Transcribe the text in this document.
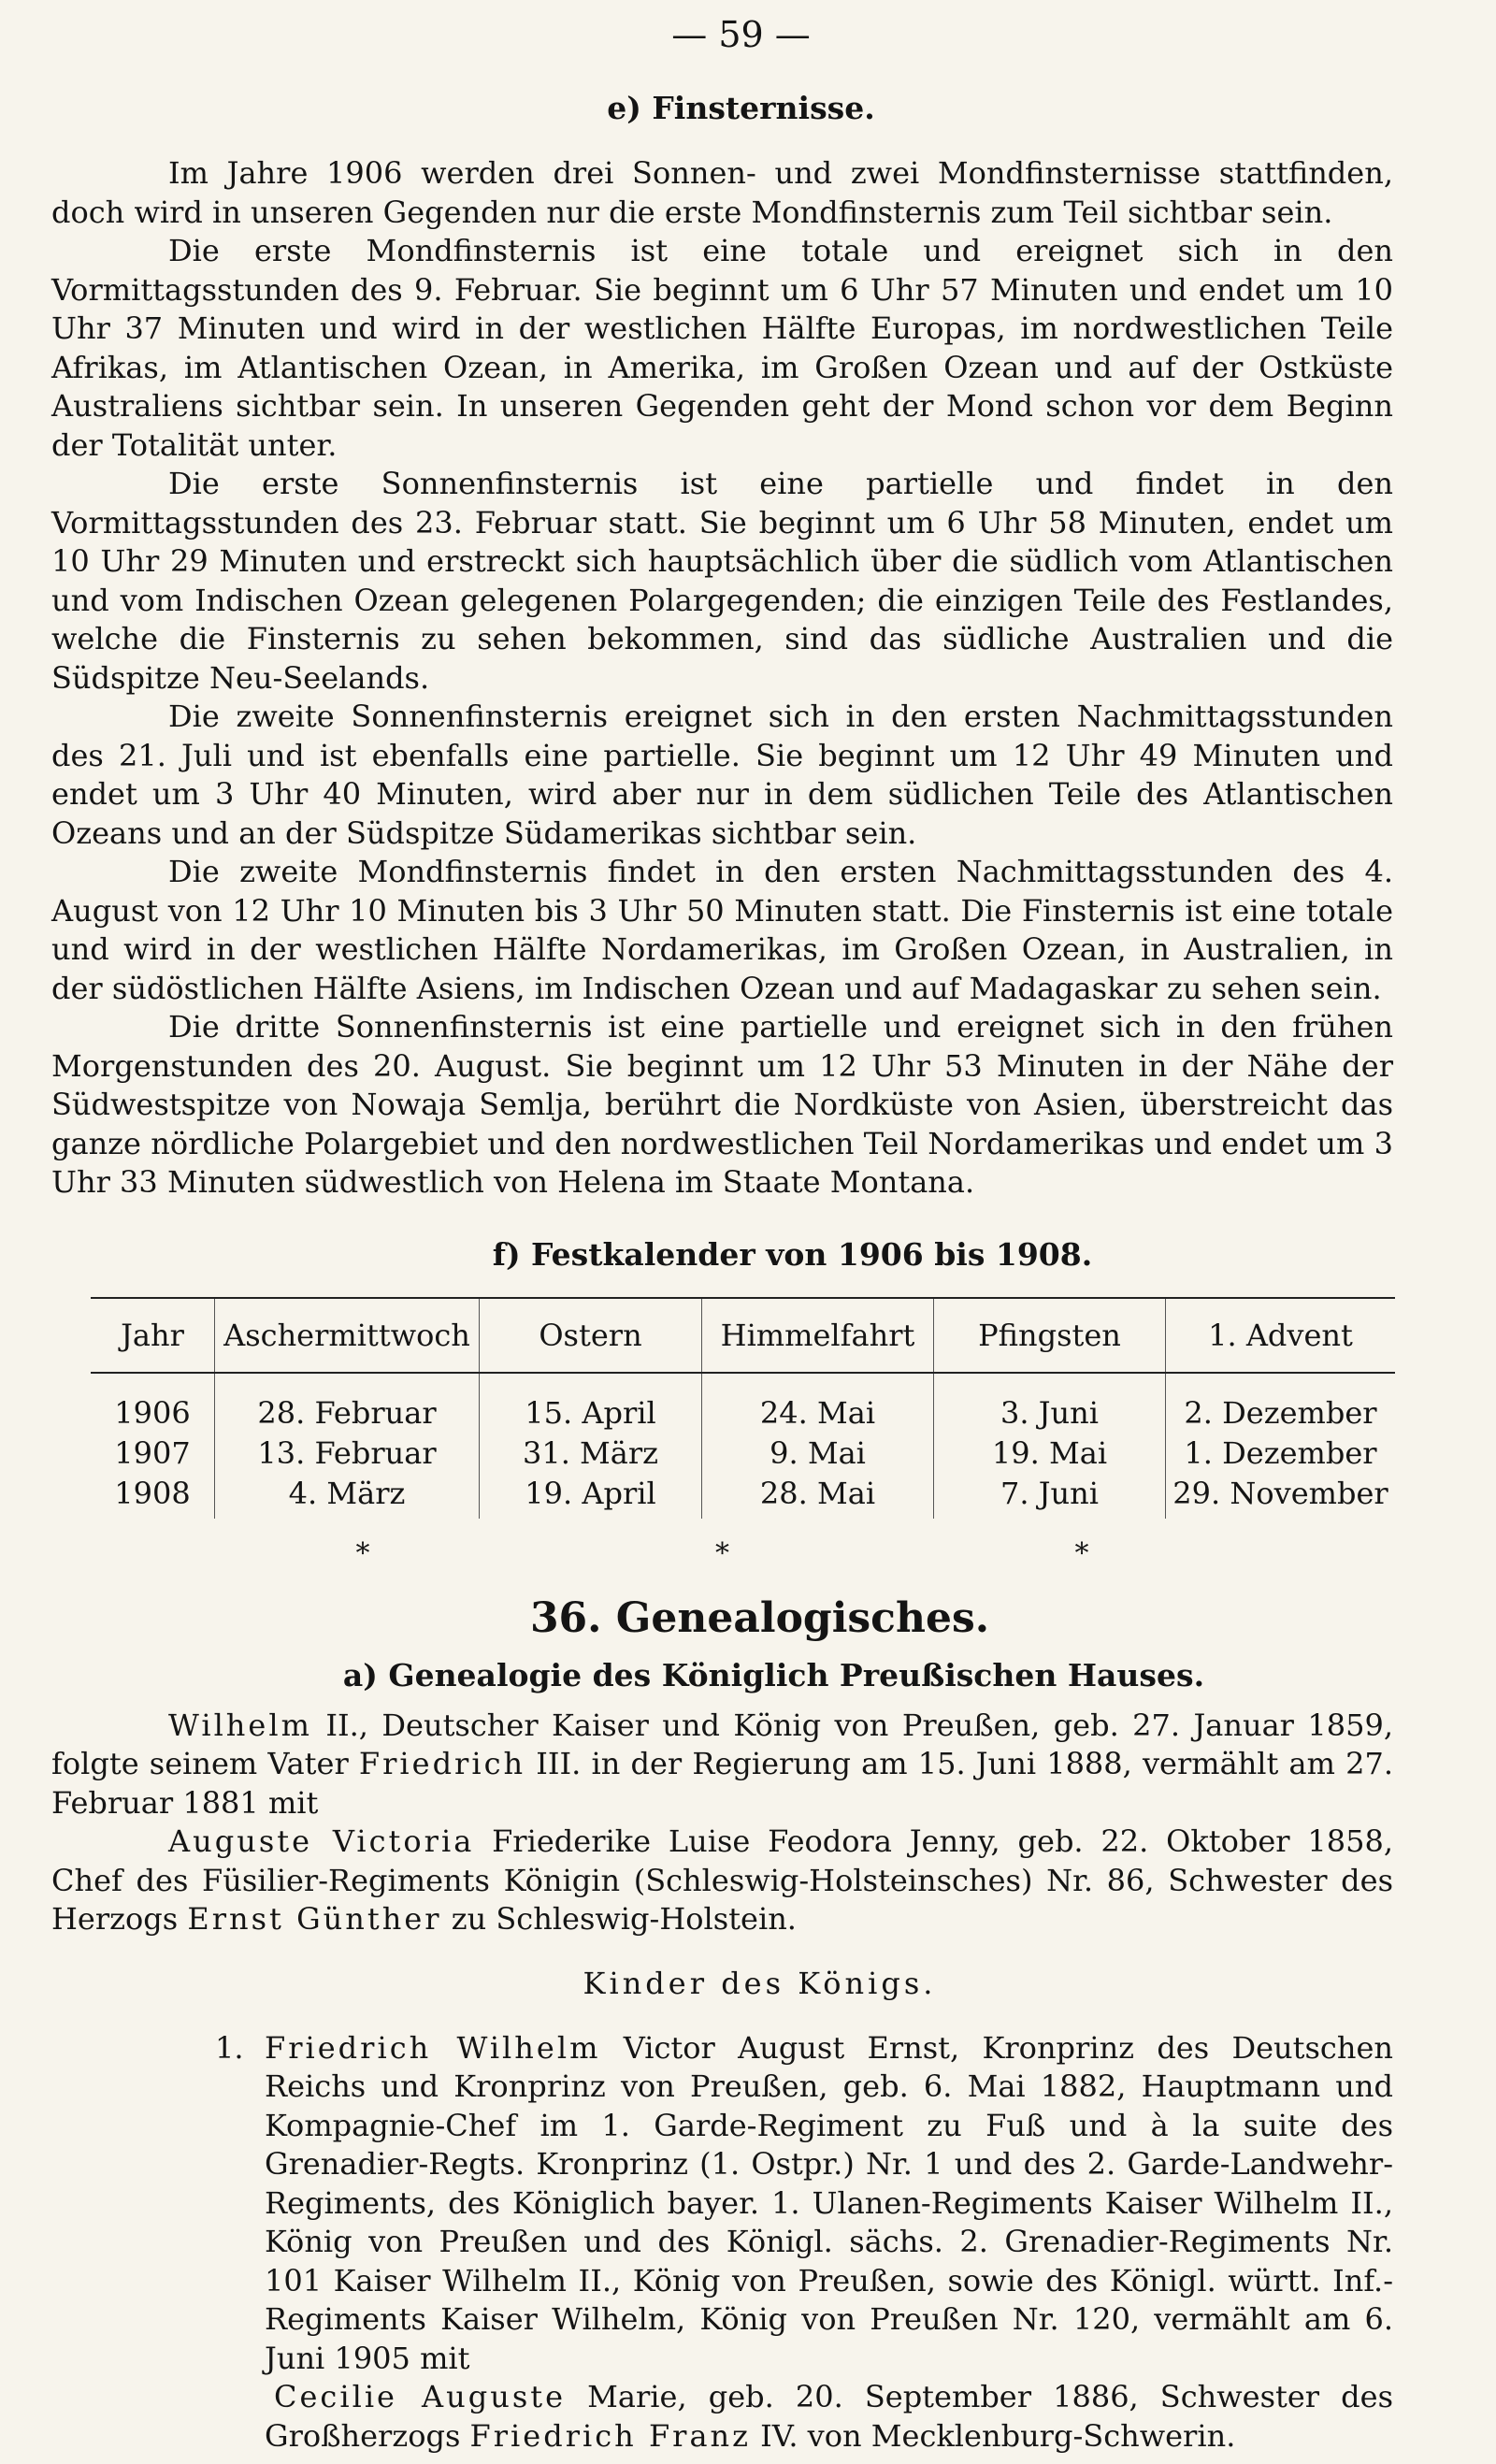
— 59 —
e) Finsternisse.

Im Jahre 1906 werden drei Sonnen- und zwei Mondfinsternisse stattfinden, doch wird in unseren Gegenden nur die erste Mondfinsternis zum Teil sichtbar sein.

Die erste Mondfinsternis ist eine totale und ereignet sich in den Vormittagsstunden des 9. Februar. Sie beginnt um 6 Uhr 57 Minuten und endet um 10 Uhr 37 Minuten und wird in der westlichen Hälfte Europas, im nordwestlichen Teile Afrikas, im Atlantischen Ozean, in Amerika, im Großen Ozean und auf der Ostküste Australiens sichtbar sein. In unseren Gegenden geht der Mond schon vor dem Beginn der Totalität unter.

Die erste Sonnenfinsternis ist eine partielle und findet in den Vormittagsstunden des 23. Februar statt. Sie beginnt um 6 Uhr 58 Minuten, endet um 10 Uhr 29 Minuten und erstreckt sich hauptsächlich über die südlich vom Atlantischen und vom Indischen Ozean gelegenen Polargegenden; die einzigen Teile des Festlandes, welche die Finsternis zu sehen bekommen, sind das südliche Australien und die Südspitze Neu-Seelands.

Die zweite Sonnenfinsternis ereignet sich in den ersten Nachmittagsstunden des 21. Juli und ist ebenfalls eine partielle. Sie beginnt um 12 Uhr 49 Minuten und endet um 3 Uhr 40 Minuten, wird aber nur in dem südlichen Teile des Atlantischen Ozeans und an der Südspitze Südamerikas sichtbar sein.

Die zweite Mondfinsternis findet in den ersten Nachmittagsstunden des 4. August von 12 Uhr 10 Minuten bis 3 Uhr 50 Minuten statt. Die Finsternis ist eine totale und wird in der westlichen Hälfte Nordamerikas, im Großen Ozean, in Australien, in der südöstlichen Hälfte Asiens, im Indischen Ozean und auf Madagaskar zu sehen sein.

Die dritte Sonnenfinsternis ist eine partielle und ereignet sich in den frühen Morgenstunden des 20. August. Sie beginnt um 12 Uhr 53 Minuten in der Nähe der Südwestspitze von Nowaja Semlja, berührt die Nordküste von Asien, überstreicht das ganze nördliche Polargebiet und den nordwestlichen Teil Nordamerikas und endet um 3 Uhr 33 Minuten südwestlich von Helena im Staate Montana.

f) Festkalender von 1906 bis 1908.
Jahr	Aschermittwoch	Ostern	Himmelfahrt	Pfingsten	1. Advent
1906	28. Februar	15. April	24. Mai	3. Juni	2. Dezember
1907	13. Februar	31. März	9. Mai	19. Mai	1. Dezember
1908	4. März	19. April	28. Mai	7. Juni	29. November
* * *
36. Genealogisches.
a) Genealogie des Königlich Preußischen Hauses.

Wilhelm II., Deutscher Kaiser und König von Preußen, geb. 27. Januar 1859, folgte seinem Vater Friedrich III. in der Regierung am 15. Juni 1888, vermählt am 27. Februar 1881 mit

Auguste Victoria Friederike Luise Feodora Jenny, geb. 22. Oktober 1858, Chef des Füsilier-Regiments Königin (Schleswig-Holsteinsches) Nr. 86, Schwester des Herzogs Ernst Günther zu Schleswig-Holstein.

Kinder des Königs.

1. Friedrich Wilhelm Victor August Ernst, Kronprinz des Deutschen Reichs und Kronprinz von Preußen, geb. 6. Mai 1882, Hauptmann und Kompagnie-Chef im 1. Garde-Regiment zu Fuß und à la suite des Grenadier-Regts. Kronprinz (1. Ostpr.) Nr. 1 und des 2. Garde-Landwehr-Regiments, des Königlich bayer. 1. Ulanen-Regiments Kaiser Wilhelm II., König von Preußen und des Königl. sächs. 2. Grenadier-Regiments Nr. 101 Kaiser Wilhelm II., König von Preußen, sowie des Königl. württ. Inf.-Regiments Kaiser Wilhelm, König von Preußen Nr. 120, vermählt am 6. Juni 1905 mit

Cecilie Auguste Marie, geb. 20. September 1886, Schwester des Großherzogs Friedrich Franz IV. von Mecklenburg-Schwerin.
